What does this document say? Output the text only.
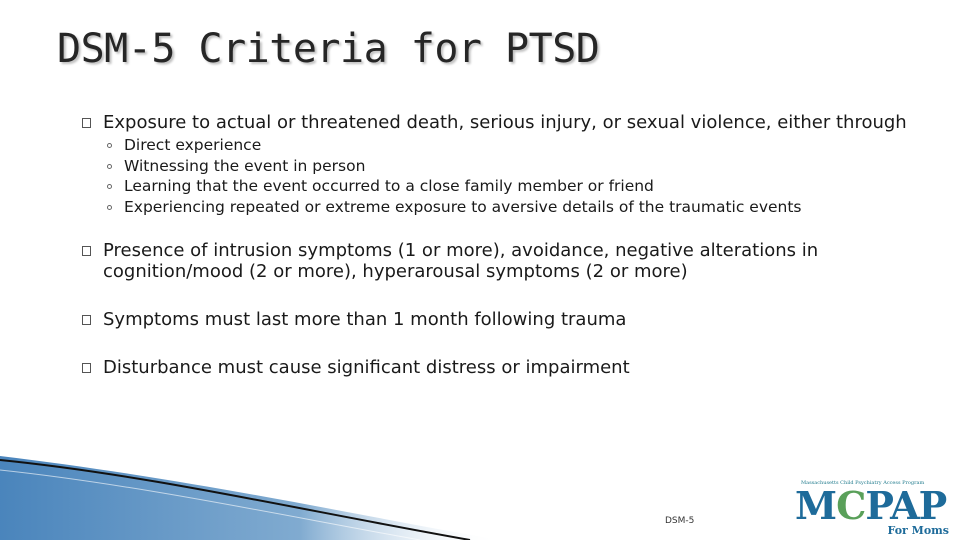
DSM-5 Criteria for PTSD
Exposure to actual or threatened death, serious injury, or sexual violence, either through
Direct experience
Witnessing the event in person
Learning that the event occurred to a close family member or friend
Experiencing repeated or extreme exposure to aversive details of the traumatic events
Presence of intrusion symptoms (1 or more), avoidance, negative alterations in cognition/mood (2 or more), hyperarousal symptoms (2 or more)
Symptoms must last more than 1 month following trauma
Disturbance must cause significant distress or impairment
DSM-5
Massachusetts Child Psychiatry Access Program
MCPAP
For Moms
